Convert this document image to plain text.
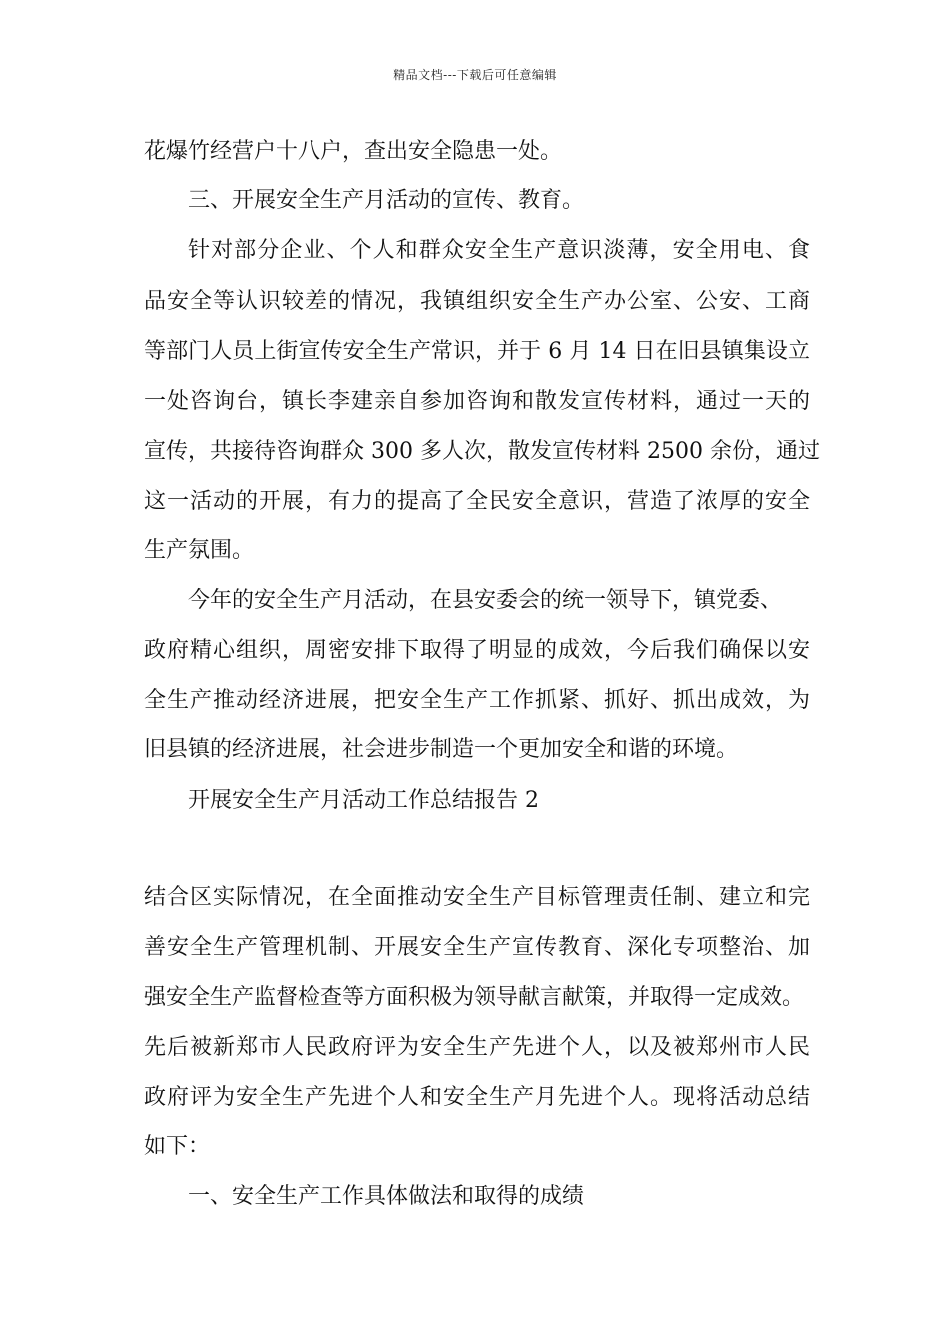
精品文档---下载后可任意编辑
花爆竹经营户十八户，查出安全隐患一处。
三、开展安全生产月活动的宣传、教育。
针对部分企业、个人和群众安全生产意识淡薄，安全用电、食
品安全等认识较差的情况，我镇组织安全生产办公室、公安、工商
等部门人员上街宣传安全生产常识，并于 6 月 14 日在旧县镇集设立
一处咨询台，镇长李建亲自参加咨询和散发宣传材料，通过一天的
宣传，共接待咨询群众 300 多人次，散发宣传材料 2500 余份，通过
这一活动的开展，有力的提高了全民安全意识，营造了浓厚的安全
生产氛围。
今年的安全生产月活动，在县安委会的统一领导下，镇党委、
政府精心组织，周密安排下取得了明显的成效，今后我们确保以安
全生产推动经济进展，把安全生产工作抓紧、抓好、抓出成效，为
旧县镇的经济进展，社会进步制造一个更加安全和谐的环境。
开展安全生产月活动工作总结报告 2
结合区实际情况，在全面推动安全生产目标管理责任制、建立和完
善安全生产管理机制、开展安全生产宣传教育、深化专项整治、加
强安全生产监督检查等方面积极为领导献言献策，并取得一定成效。
先后被新郑市人民政府评为安全生产先进个人，以及被郑州市人民
政府评为安全生产先进个人和安全生产月先进个人。现将活动总结
如下：
一、安全生产工作具体做法和取得的成绩
